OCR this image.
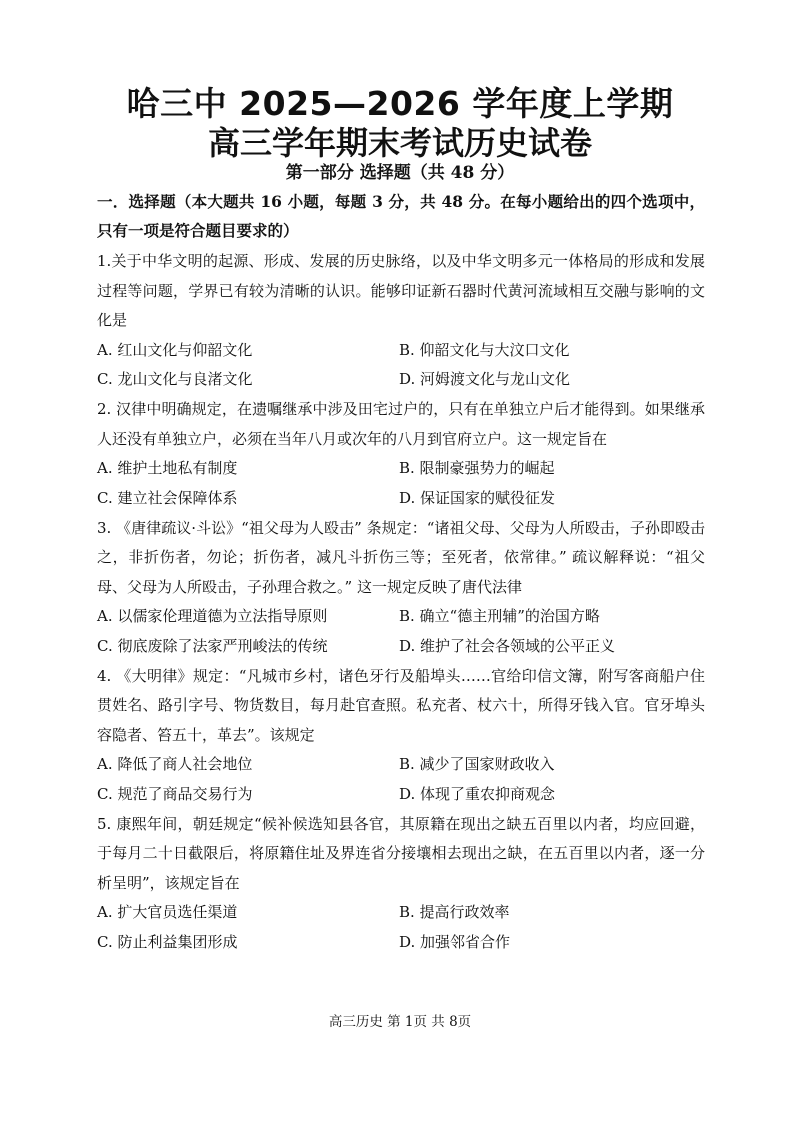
哈三中 2025—2026 学年度上学期
高三学年期末考试历史试卷
第一部分 选择题（共 48 分）
一．选择题（本大题共 16 小题，每题 3 分，共 48 分。在每小题给出的四个选项中，只有一项是符合题目要求的）
1.关于中华文明的起源、形成、发展的历史脉络，以及中华文明多元一体格局的形成和发展过程等问题，学界已有较为清晰的认识。能够印证新石器时代黄河流域相互交融与影响的文化是
A. 红山文化与仰韶文化	B. 仰韶文化与大汶口文化
C. 龙山文化与良渚文化	D. 河姆渡文化与龙山文化
2. 汉律中明确规定，在遗嘱继承中涉及田宅过户的，只有在单独立户后才能得到。如果继承人还没有单独立户，必须在当年八月或次年的八月到官府立户。这一规定旨在
A. 维护土地私有制度	B. 限制豪强势力的崛起
C. 建立社会保障体系	D. 保证国家的赋役征发
3. 《唐律疏议·斗讼》“祖父母为人殴击” 条规定：“诸祖父母、父母为人所殴击，子孙即殴击之，非折伤者，勿论；折伤者，减凡斗折伤三等；至死者，依常律。” 疏议解释说：“祖父母、父母为人所殴击，子孙理合救之。” 这一规定反映了唐代法律
A. 以儒家伦理道德为立法指导原则	B. 确立“德主刑辅”的治国方略
C. 彻底废除了法家严刑峻法的传统	D. 维护了社会各领域的公平正义
4. 《大明律》规定：“凡城市乡村，诸色牙行及船埠头……官给印信文簿，附写客商船户住贯姓名、路引字号、物货数目，每月赴官查照。私充者、杖六十，所得牙钱入官。官牙埠头容隐者、笞五十，革去”。该规定
A. 降低了商人社会地位	B. 减少了国家财政收入
C. 规范了商品交易行为	D. 体现了重农抑商观念
5. 康熙年间，朝廷规定“候补候选知县各官，其原籍在现出之缺五百里以内者，均应回避，于每月二十日截限后，将原籍住址及界连省分接壤相去现出之缺，在五百里以内者，逐一分析呈明”，该规定旨在
A. 扩大官员选任渠道	B. 提高行政效率
C. 防止利益集团形成	D. 加强邻省合作
高三历史 第 1页 共 8页
